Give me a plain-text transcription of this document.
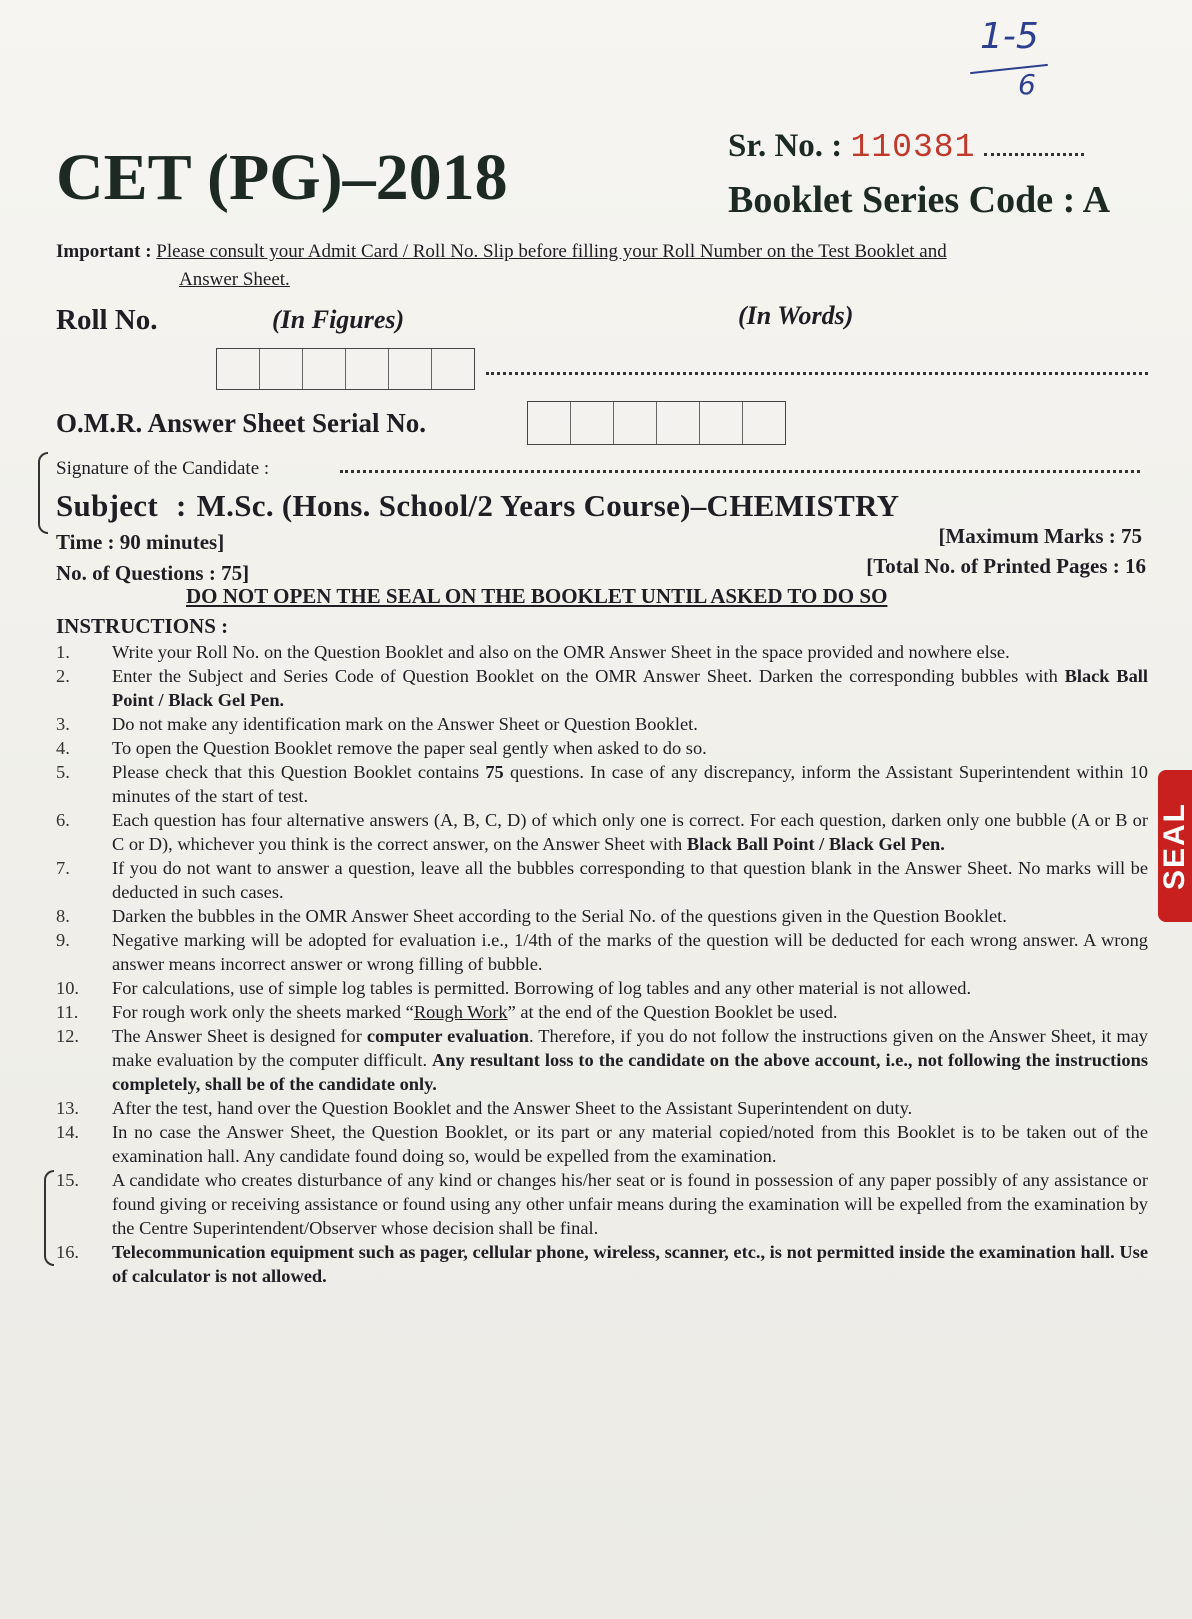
1-5
6
CET (PG)–2018	Sr. No. : 110381
Booklet Series Code : A
Important : Please consult your Admit Card / Roll No. Slip before filling your Roll Number on the Test Booklet and
Answer Sheet.
Roll No.	(In Figures)	(In Words)
O.M.R. Answer Sheet Serial No.
Signature of the Candidate :
Subject : M.Sc. (Hons. School/2 Years Course)–CHEMISTRY
Time : 90 minutes]	[Maximum Marks : 75
No. of Questions : 75]	[Total No. of Printed Pages : 16
DO NOT OPEN THE SEAL ON THE BOOKLET UNTIL ASKED TO DO SO
INSTRUCTIONS :
1.	Write your Roll No. on the Question Booklet and also on the OMR Answer Sheet in the space provided and nowhere else.
2.	Enter the Subject and Series Code of Question Booklet on the OMR Answer Sheet. Darken the corresponding bubbles with Black Ball Point / Black Gel Pen.
3.	Do not make any identification mark on the Answer Sheet or Question Booklet.
4.	To open the Question Booklet remove the paper seal gently when asked to do so.
5.	Please check that this Question Booklet contains 75 questions. In case of any discrepancy, inform the Assistant Superintendent within 10 minutes of the start of test.
6.	Each question has four alternative answers (A, B, C, D) of which only one is correct. For each question, darken only one bubble (A or B or C or D), whichever you think is the correct answer, on the Answer Sheet with Black Ball Point / Black Gel Pen.
7.	If you do not want to answer a question, leave all the bubbles corresponding to that question blank in the Answer Sheet. No marks will be deducted in such cases.
8.	Darken the bubbles in the OMR Answer Sheet according to the Serial No. of the questions given in the Question Booklet.
9.	Negative marking will be adopted for evaluation i.e., 1/4th of the marks of the question will be deducted for each wrong answer. A wrong answer means incorrect answer or wrong filling of bubble.
10.	For calculations, use of simple log tables is permitted. Borrowing of log tables and any other material is not allowed.
11.	For rough work only the sheets marked “Rough Work” at the end of the Question Booklet be used.
12.	The Answer Sheet is designed for computer evaluation. Therefore, if you do not follow the instructions given on the Answer Sheet, it may make evaluation by the computer difficult. Any resultant loss to the candidate on the above account, i.e., not following the instructions completely, shall be of the candidate only.
13.	After the test, hand over the Question Booklet and the Answer Sheet to the Assistant Superintendent on duty.
14.	In no case the Answer Sheet, the Question Booklet, or its part or any material copied/noted from this Booklet is to be taken out of the examination hall. Any candidate found doing so, would be expelled from the examination.
15.	A candidate who creates disturbance of any kind or changes his/her seat or is found in possession of any paper possibly of any assistance or found giving or receiving assistance or found using any other unfair means during the examination will be expelled from the examination by the Centre Superintendent/Observer whose decision shall be final.
16.	Telecommunication equipment such as pager, cellular phone, wireless, scanner, etc., is not permitted inside the examination hall. Use of calculator is not allowed.
SEAL
